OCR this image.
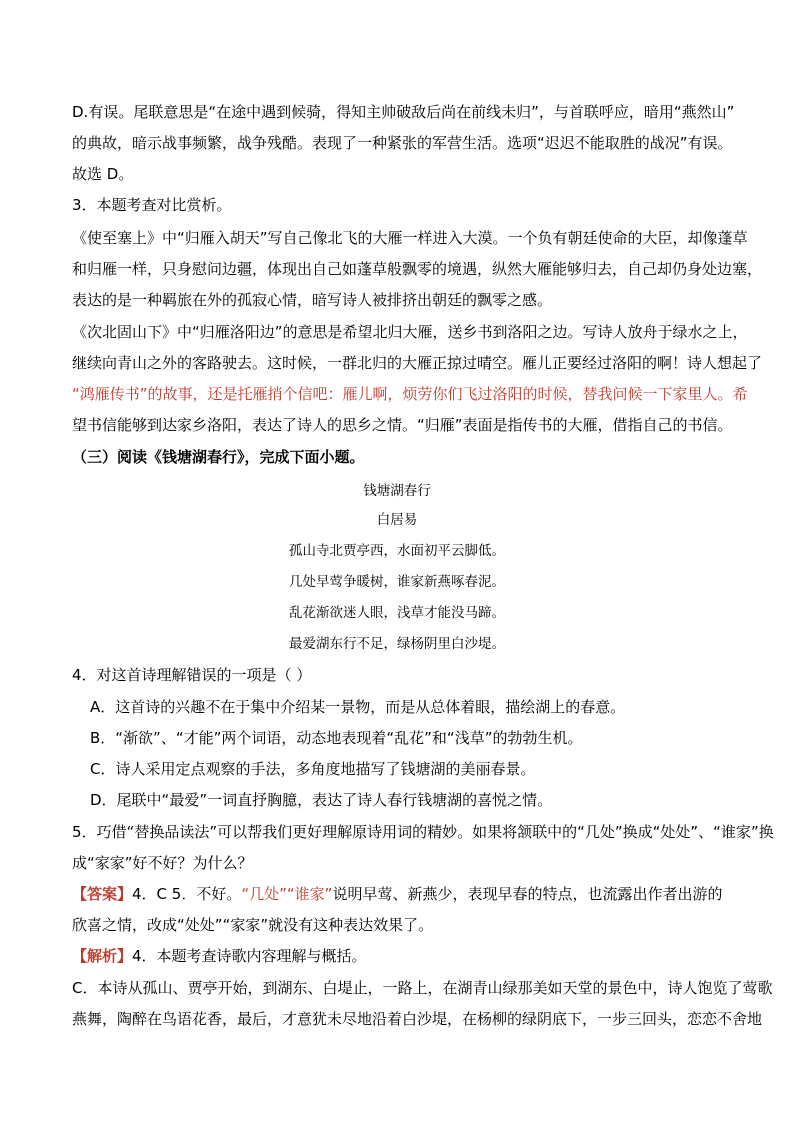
D.有误。尾联意思是“在途中遇到候骑，得知主帅破敌后尚在前线未归”，与首联呼应，暗用“燕然山”
的典故，暗示战事频繁，战争残酷。表现了一种紧张的军营生活。选项“迟迟不能取胜的战况”有误。
故选 D。
3．本题考查对比赏析。
《使至塞上》中“归雁入胡天”写自己像北飞的大雁一样进入大漠。一个负有朝廷使命的大臣，却像蓬草
和归雁一样，只身慰问边疆，体现出自己如蓬草般飘零的境遇，纵然大雁能够归去，自己却仍身处边塞，
表达的是一种羁旅在外的孤寂心情，暗写诗人被排挤出朝廷的飘零之感。
《次北固山下》中“归雁洛阳边”的意思是希望北归大雁，送乡书到洛阳之边。写诗人放舟于绿水之上，
继续向青山之外的客路驶去。这时候，一群北归的大雁正掠过晴空。雁儿正要经过洛阳的啊！诗人想起了
“鸿雁传书”的故事，还是托雁捎个信吧：雁儿啊，烦劳你们飞过洛阳的时候，替我问候一下家里人。希
望书信能够到达家乡洛阳，表达了诗人的思乡之情。“归雁”表面是指传书的大雁，借指自己的书信。
（三）阅读《钱塘湖春行》，完成下面小题。
钱塘湖春行
白居易
孤山寺北贾亭西，水面初平云脚低。
几处早莺争暖树，谁家新燕啄春泥。
乱花渐欲迷人眼，浅草才能没马蹄。
最爱湖东行不足，绿杨阴里白沙堤。
4．对这首诗理解错误的一项是（ ）
A．这首诗的兴趣不在于集中介绍某一景物，而是从总体着眼，描绘湖上的春意。
B．“渐欲”、“才能”两个词语，动态地表现着“乱花”和“浅草”的勃勃生机。
C．诗人采用定点观察的手法，多角度地描写了钱塘湖的美丽春景。
D．尾联中“最爱”一词直抒胸臆，表达了诗人春行钱塘湖的喜悦之情。
5．巧借“替换品读法”可以帮我们更好理解原诗用词的精妙。如果将颔联中的“几处”换成“处处”、“谁家”换
成“家家”好不好？为什么？
【答案】4．C 5．不好。“几处”“谁家”说明早莺、新燕少，表现早春的特点，也流露出作者出游的
欣喜之情，改成“处处”“家家”就没有这种表达效果了。
【解析】4．本题考查诗歌内容理解与概括。
C．本诗从孤山、贾亭开始，到湖东、白堤止，一路上，在湖青山绿那美如天堂的景色中，诗人饱览了莺歌
燕舞，陶醉在鸟语花香，最后，才意犹未尽地沿着白沙堤，在杨柳的绿阴底下，一步三回头，恋恋不舍地
